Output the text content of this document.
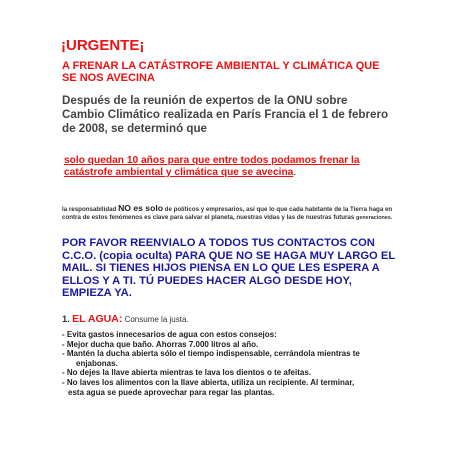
¡URGENTE¡

A FRENAR LA CATÁSTROFE AMBIENTAL Y CLIMÁTICA QUE SE NOS AVECINA

Después de la reunión de expertos de la ONU sobre Cambio Climático realizada en París Francia el 1 de febrero de 2008, se determinó que

solo quedan 10 años para que entre todos podamos frenar la catástrofe ambiental y climática que se avecina.

la responsabilidad NO es solo de políticos y empresarios, así que lo que cada habitante de la Tierra haga en contra de estos fenómenos es clave para salvar el planeta, nuestras vidas y las de nuestras futuras generaciones.

POR FAVOR REENVIALO A TODOS TUS CONTACTOS CON C.C.O. (copia oculta) PARA QUE NO SE HAGA MUY LARGO EL MAIL. SI TIENES HIJOS PIENSA EN LO QUE LES ESPERA A ELLOS Y A TI. TÚ PUEDES HACER ALGO DESDE HOY, EMPIEZA YA.

1. EL AGUA: Consume la justa.

- Evita gastos innecesarios de agua con estos consejos:
- Mejor ducha que baño. Ahorras 7.000 litros al año.
- Mantén la ducha abierta sólo el tiempo indispensable, cerrándola mientras te
enjabonas.
- No dejes la llave abierta mientras te lava los dientos o te afeitas.
- No laves los alimentos con la llave abierta, utiliza un recipiente. Al terminar,
esta agua se puede aprovechar para regar las plantas.
